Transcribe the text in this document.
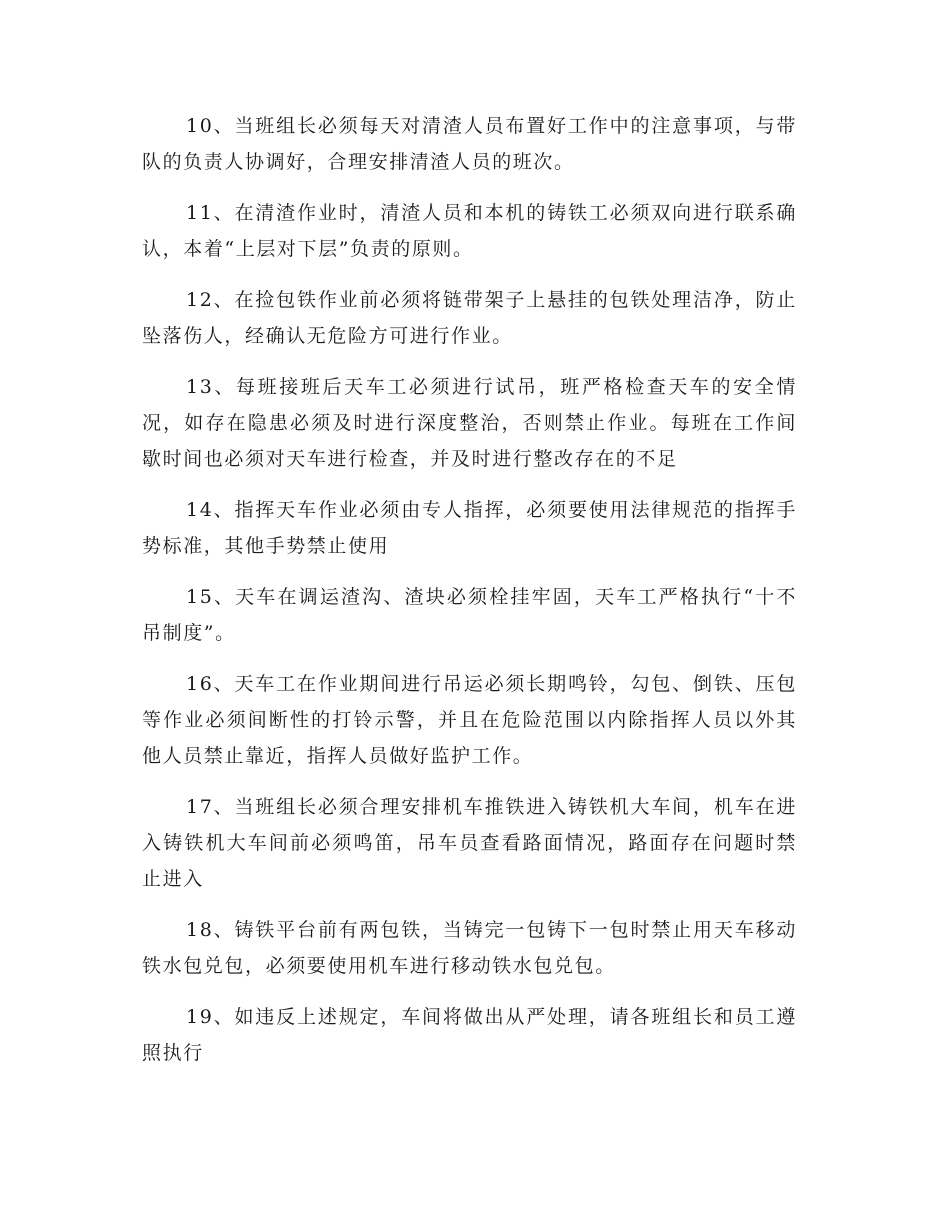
10、当班组长必须每天对清渣人员布置好工作中的注意事项，与带队的负责人协调好，合理安排清渣人员的班次。

11、在清渣作业时，清渣人员和本机的铸铁工必须双向进行联系确认，本着“上层对下层”负责的原则。

12、在捡包铁作业前必须将链带架子上悬挂的包铁处理洁净，防止坠落伤人，经确认无危险方可进行作业。

13、每班接班后天车工必须进行试吊，班严格检查天车的安全情况，如存在隐患必须及时进行深度整治，否则禁止作业。每班在工作间歇时间也必须对天车进行检查，并及时进行整改存在的不足

14、指挥天车作业必须由专人指挥，必须要使用法律规范的指挥手势标准，其他手势禁止使用

15、天车在调运渣沟、渣块必须栓挂牢固，天车工严格执行“十不吊制度”。

16、天车工在作业期间进行吊运必须长期鸣铃，勾包、倒铁、压包等作业必须间断性的打铃示警，并且在危险范围以内除指挥人员以外其他人员禁止靠近，指挥人员做好监护工作。

17、当班组长必须合理安排机车推铁进入铸铁机大车间，机车在进入铸铁机大车间前必须鸣笛，吊车员查看路面情况，路面存在问题时禁止进入

18、铸铁平台前有两包铁，当铸完一包铸下一包时禁止用天车移动铁水包兑包，必须要使用机车进行移动铁水包兑包。

19、如违反上述规定，车间将做出从严处理，请各班组长和员工遵照执行
